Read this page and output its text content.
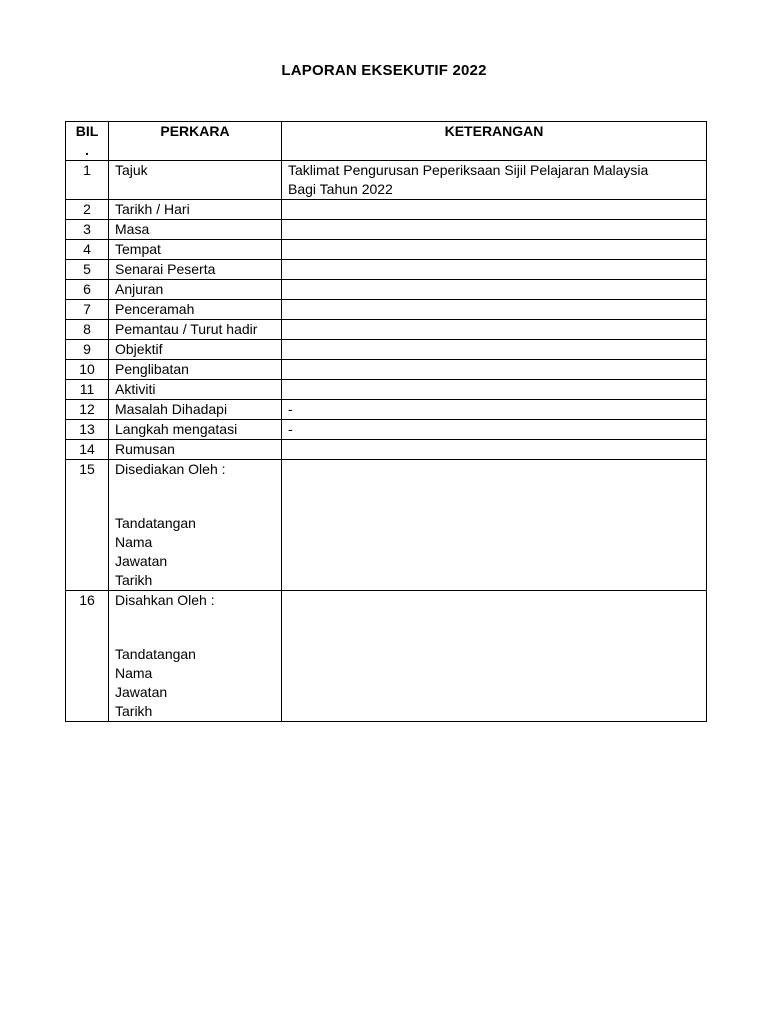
LAPORAN EKSEKUTIF 2022
BIL
.	PERKARA	KETERANGAN
1	Tajuk	Taklimat Pengurusan Peperiksaan Sijil Pelajaran Malaysia
Bagi Tahun 2022
2	Tarikh / Hari	
3	Masa	
4	Tempat	
5	Senarai Peserta	
6	Anjuran	
7	Penceramah	
8	Pemantau / Turut hadir	
9	Objektif	
10	Penglibatan	
11	Aktiviti	
12	Masalah Dihadapi	-
13	Langkah mengatasi	-
14	Rumusan	
15	Disediakan Oleh :
Tandatangan
Nama
Jawatan
Tarikh	

16	Disahkan Oleh :
Tandatangan
Nama
Jawatan
Tarikh	
